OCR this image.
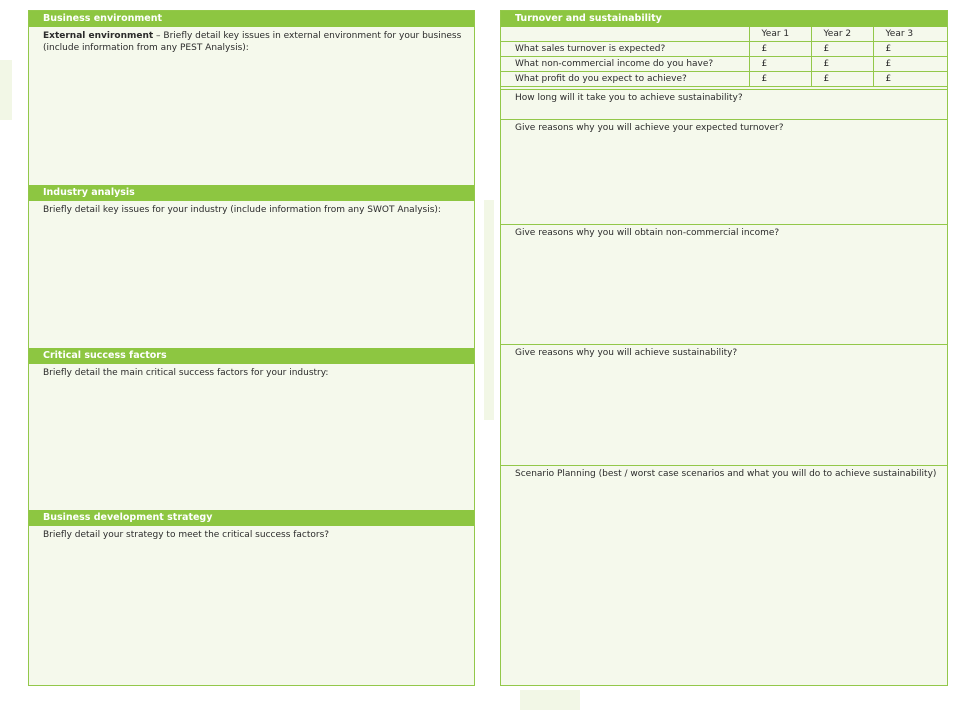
Business environment
External environment – Briefly detail key issues in external environment for your business (include information from any PEST Analysis):
Industry analysis
Briefly detail key issues for your industry (include information from any SWOT Analysis):
Critical success factors
Briefly detail the main critical success factors for your industry:
Business development strategy
Briefly detail your strategy to meet the critical success factors?
Turnover and sustainability
	Year 1	Year 2	Year 3
What sales turnover is expected?	£	£	£
What non-commercial income do you have?	£	£	£
What profit do you expect to achieve?	£	£	£
How long will it take you to achieve sustainability?
Give reasons why you will achieve your expected turnover?
Give reasons why you will obtain non-commercial income?
Give reasons why you will achieve sustainability?
Scenario Planning (best / worst case scenarios and what you will do to achieve sustainability)
